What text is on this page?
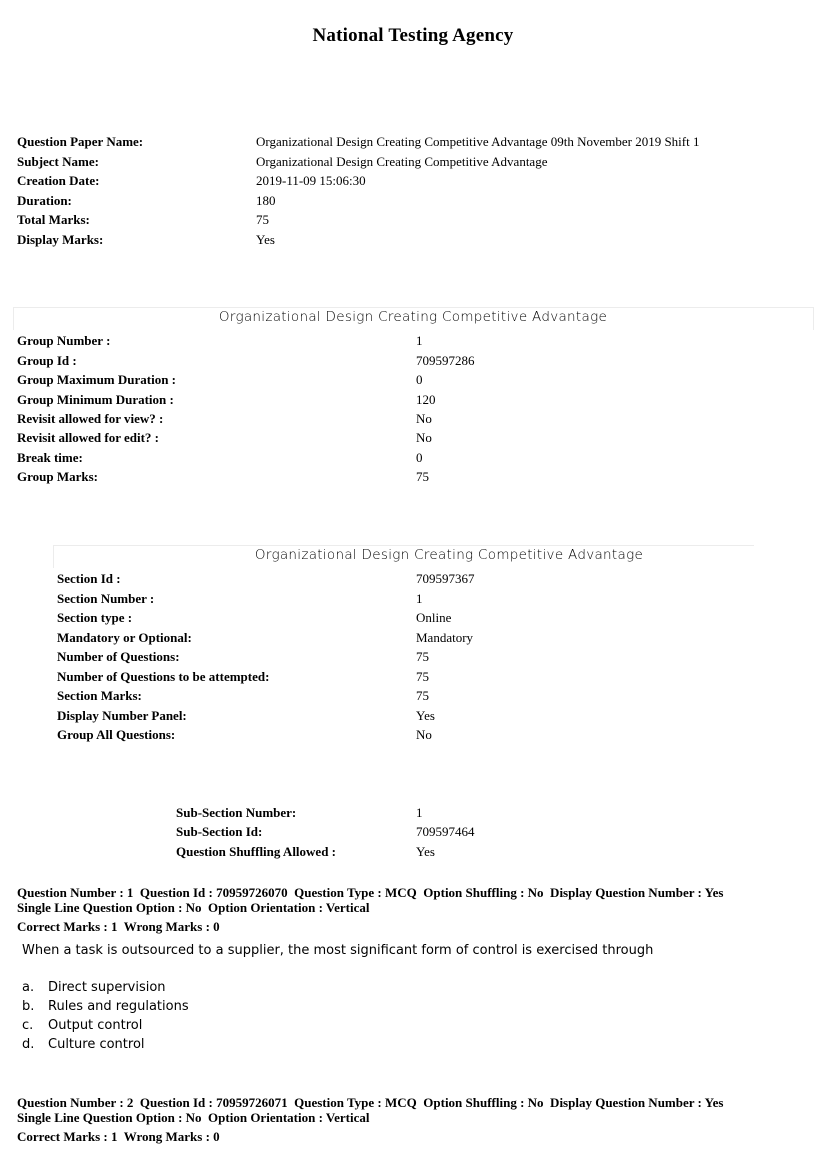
National Testing Agency
Question Paper Name:	Organizational Design Creating Competitive Advantage 09th November 2019 Shift 1
Subject Name:	Organizational Design Creating Competitive Advantage
Creation Date:	2019-11-09 15:06:30
Duration:	180
Total Marks:	75
Display Marks:	Yes
Organizational Design Creating Competitive Advantage
Group Number :	1
Group Id :	709597286
Group Maximum Duration :	0
Group Minimum Duration :	120
Revisit allowed for view? :	No
Revisit allowed for edit? :	No
Break time:	0
Group Marks:	75
Organizational Design Creating Competitive Advantage
Section Id :	709597367
Section Number :	1
Section type :	Online
Mandatory or Optional:	Mandatory
Number of Questions:	75
Number of Questions to be attempted:	75
Section Marks:	75
Display Number Panel:	Yes
Group All Questions:	No
Sub-Section Number:	1
Sub-Section Id:	709597464
Question Shuffling Allowed :	Yes
Question Number : 1  Question Id : 70959726070  Question Type : MCQ  Option Shuffling : No  Display Question Number : Yes
Single Line Question Option : No  Option Orientation : Vertical
Correct Marks : 1  Wrong Marks : 0
When a task is outsourced to a supplier, the most significant form of control is exercised through
a. Direct supervision
b. Rules and regulations
c. Output control
d. Culture control
Question Number : 2  Question Id : 70959726071  Question Type : MCQ  Option Shuffling : No  Display Question Number : Yes
Single Line Question Option : No  Option Orientation : Vertical
Correct Marks : 1  Wrong Marks : 0
